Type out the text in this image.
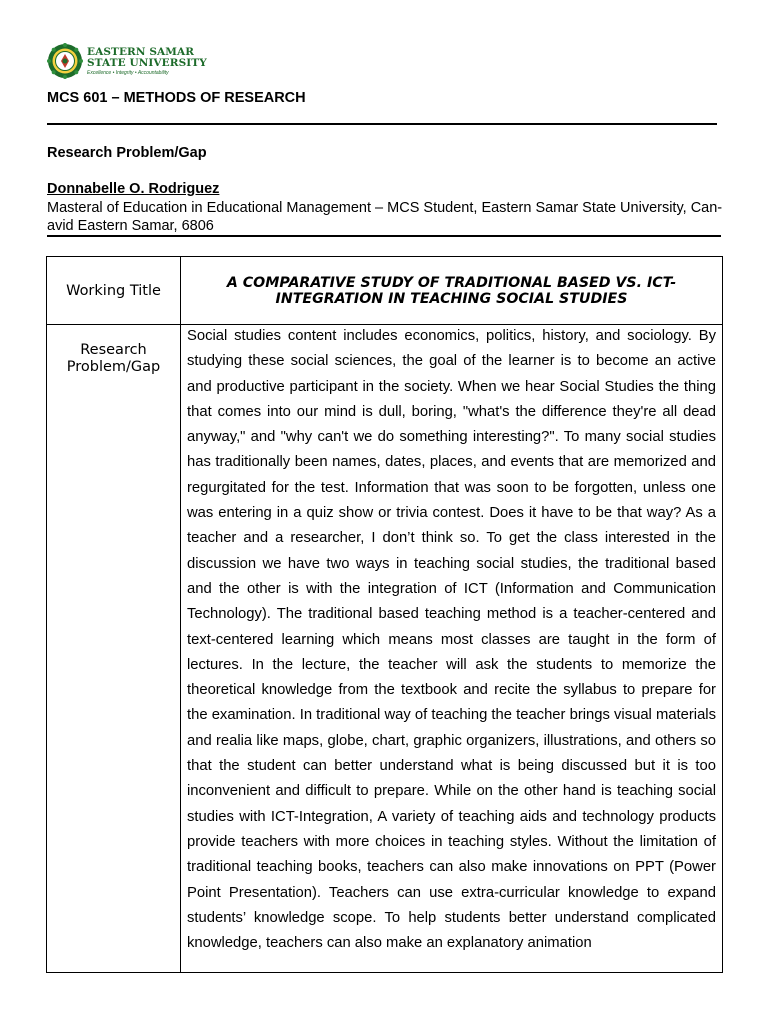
EASTERN SAMAR
STATE UNIVERSITY
Excellence • Integrity • Accountability
MCS 601 – METHODS OF RESEARCH
Research Problem/Gap
Donnabelle O. Rodriguez
Masteral of Education in Educational Management – MCS Student, Eastern Samar State University, Can-avid Eastern Samar, 6806
Working Title	A COMPARATIVE STUDY OF TRADITIONAL BASED VS. ICT-INTEGRATION IN TEACHING SOCIAL STUDIES
Research Problem/Gap	Social studies content includes economics, politics, history, and sociology. By studying these social sciences, the goal of the learner is to become an active and productive participant in the society. When we hear Social Studies the thing that comes into our mind is dull, boring, "what's the difference they're all dead anyway," and "why can't we do something interesting?". To many social studies has traditionally been names, dates, places, and events that are memorized and regurgitated for the test. Information that was soon to be forgotten, unless one was entering in a quiz show or trivia contest. Does it have to be that way? As a teacher and a researcher, I don’t think so. To get the class interested in the discussion we have two ways in teaching social studies, the traditional based and the other is with the integration of ICT (Information and Communication Technology). The traditional based teaching method is a teacher-centered and text-centered learning which means most classes are taught in the form of lectures. In the lecture, the teacher will ask the students to memorize the theoretical knowledge from the textbook and recite the syllabus to prepare for the examination. In traditional way of teaching the teacher brings visual materials and realia like maps, globe, chart, graphic organizers, illustrations, and others so that the student can better understand what is being discussed but it is too inconvenient and difficult to prepare. While on the other hand is teaching social studies with ICT-Integration, A variety of teaching aids and technology products provide teachers with more choices in teaching styles. Without the limitation of traditional teaching books, teachers can also make innovations on PPT (Power Point Presentation). Teachers can use extra-curricular knowledge to expand students’ knowledge scope. To help students better understand complicated knowledge, teachers can also make an explanatory animation
